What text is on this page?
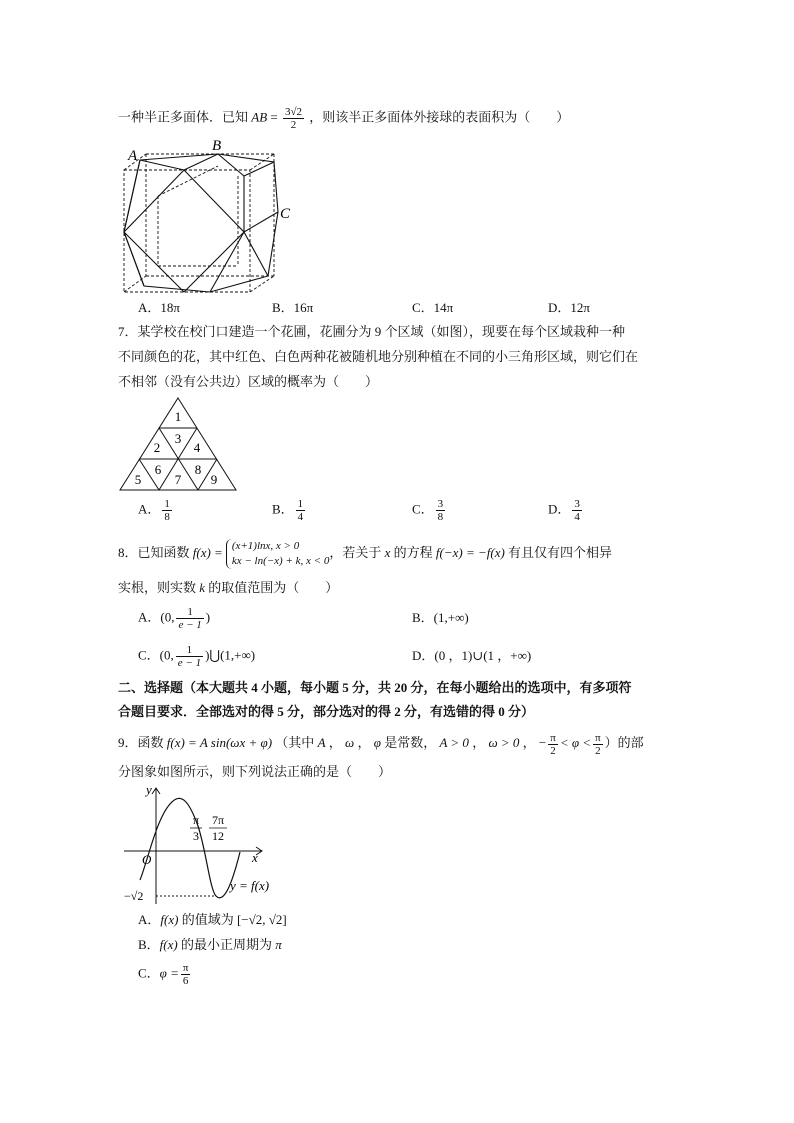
一种半正多面体．已知 AB = $\frac{3√2}{2}$ ，则该半正多面体外接球的表面积为（　　）
A
B
C
A．18π	B．16π	C．14π	D．12π
7．某学校在校门口建造一个花圃，花圃分为 9 个区域（如图），现要在每个区域栽种一种
不同颜色的花，其中红色、白色两种花被随机地分别种植在不同的小三角形区域，则它们在
不相邻（没有公共边）区域的概率为（　　）
1
2
3
4
5
6
7
8
9
A． $\frac{1}{8}$	B． $\frac{1}{4}$	C． $\frac{3}{8}$	D． $\frac{3}{4}$
8．已知函数 f(x) = (x+1)lnx, x > 0
kx − ln(−x) + k, x < 0
，若关于 x 的方程 f(−x) = −f(x) 有且仅有四个相异
实根，则实数 k 的取值范围为（　　）
A．(0, $\frac{1}{e - 1}$ )	B．(1,+∞)
C．(0, $\frac{1}{e - 1}$ )⋃(1,+∞)	D．(0 ，1)∪(1 ，+∞)
二、选择题（本大题共 4 小题，每小题 5 分，共 20 分，在每小题给出的选项中，有多项符
合题目要求．全部选对的得 5 分，部分选对的得 2 分，有选错的得 0 分）
9．函数 f(x) = A sin(ωx + φ) （其中 A ， ω ， φ 是常数， A > 0 ， ω > 0 ， − $\frac{\pi}{2} < \varphi < \frac{\pi}{2}$ ）的部
分图象如图所示，则下列说法正确的是（　　）
y
x
O
π
3
7π
12
−√2
y = f(x)
A．f(x) 的值域为 [−√2, √2]
B．f(x) 的最小正周期为 π
C．$\varphi = \frac{\pi}{6}$
